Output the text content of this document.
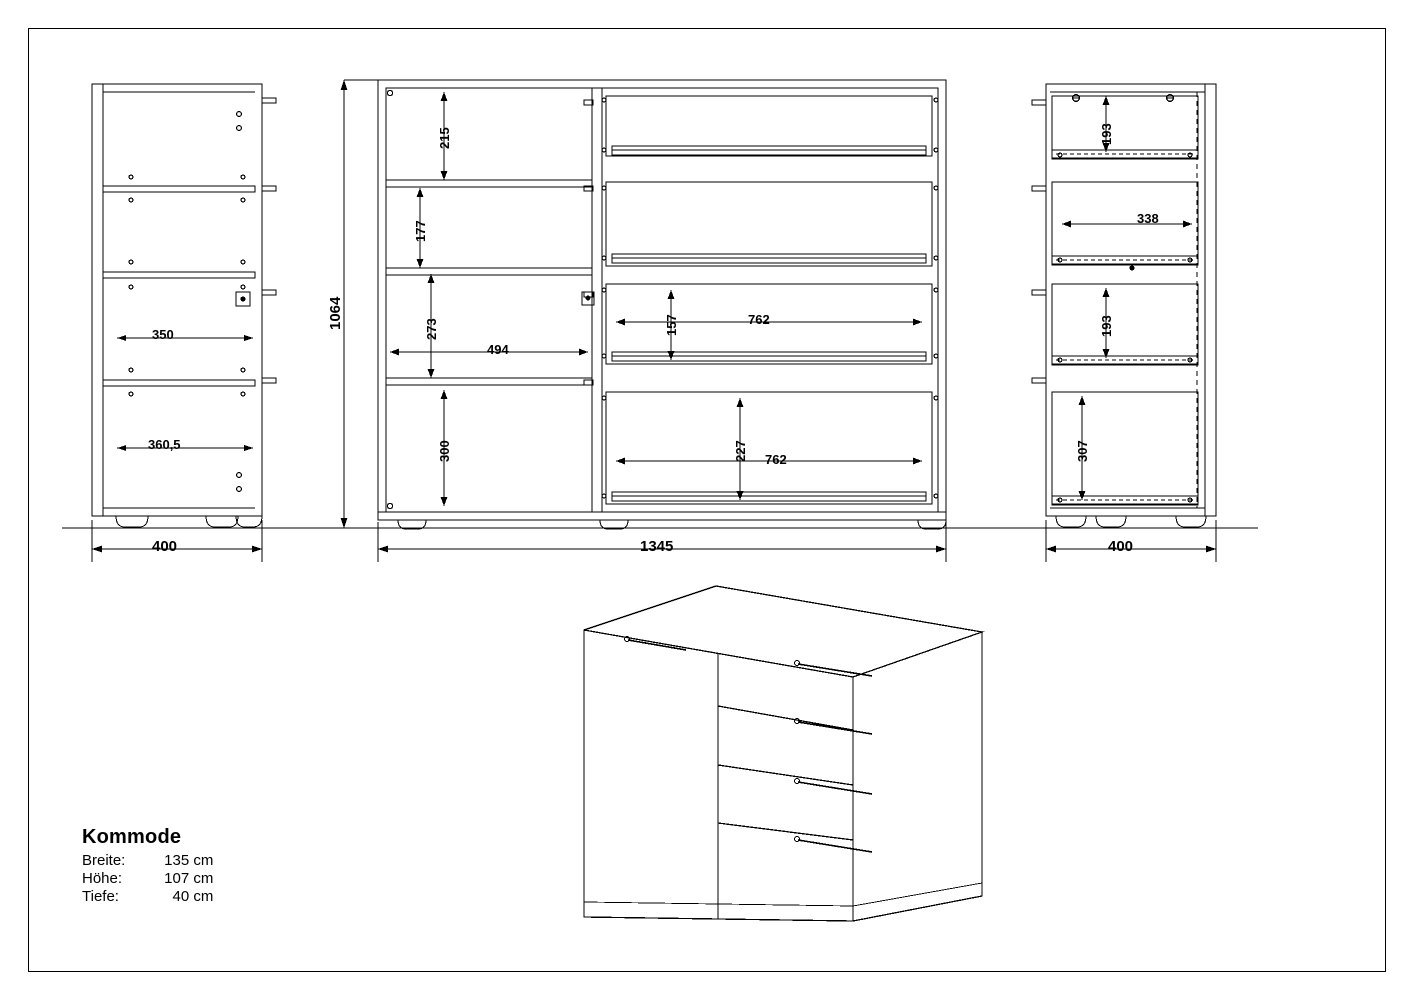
350
360,5
400
1064
215
177
273
300
494
157	762
227 762
1345
193
338
193
307
400
Kommode
Breite:	135 cm
Höhe:	107 cm
Tiefe:	40 cm
